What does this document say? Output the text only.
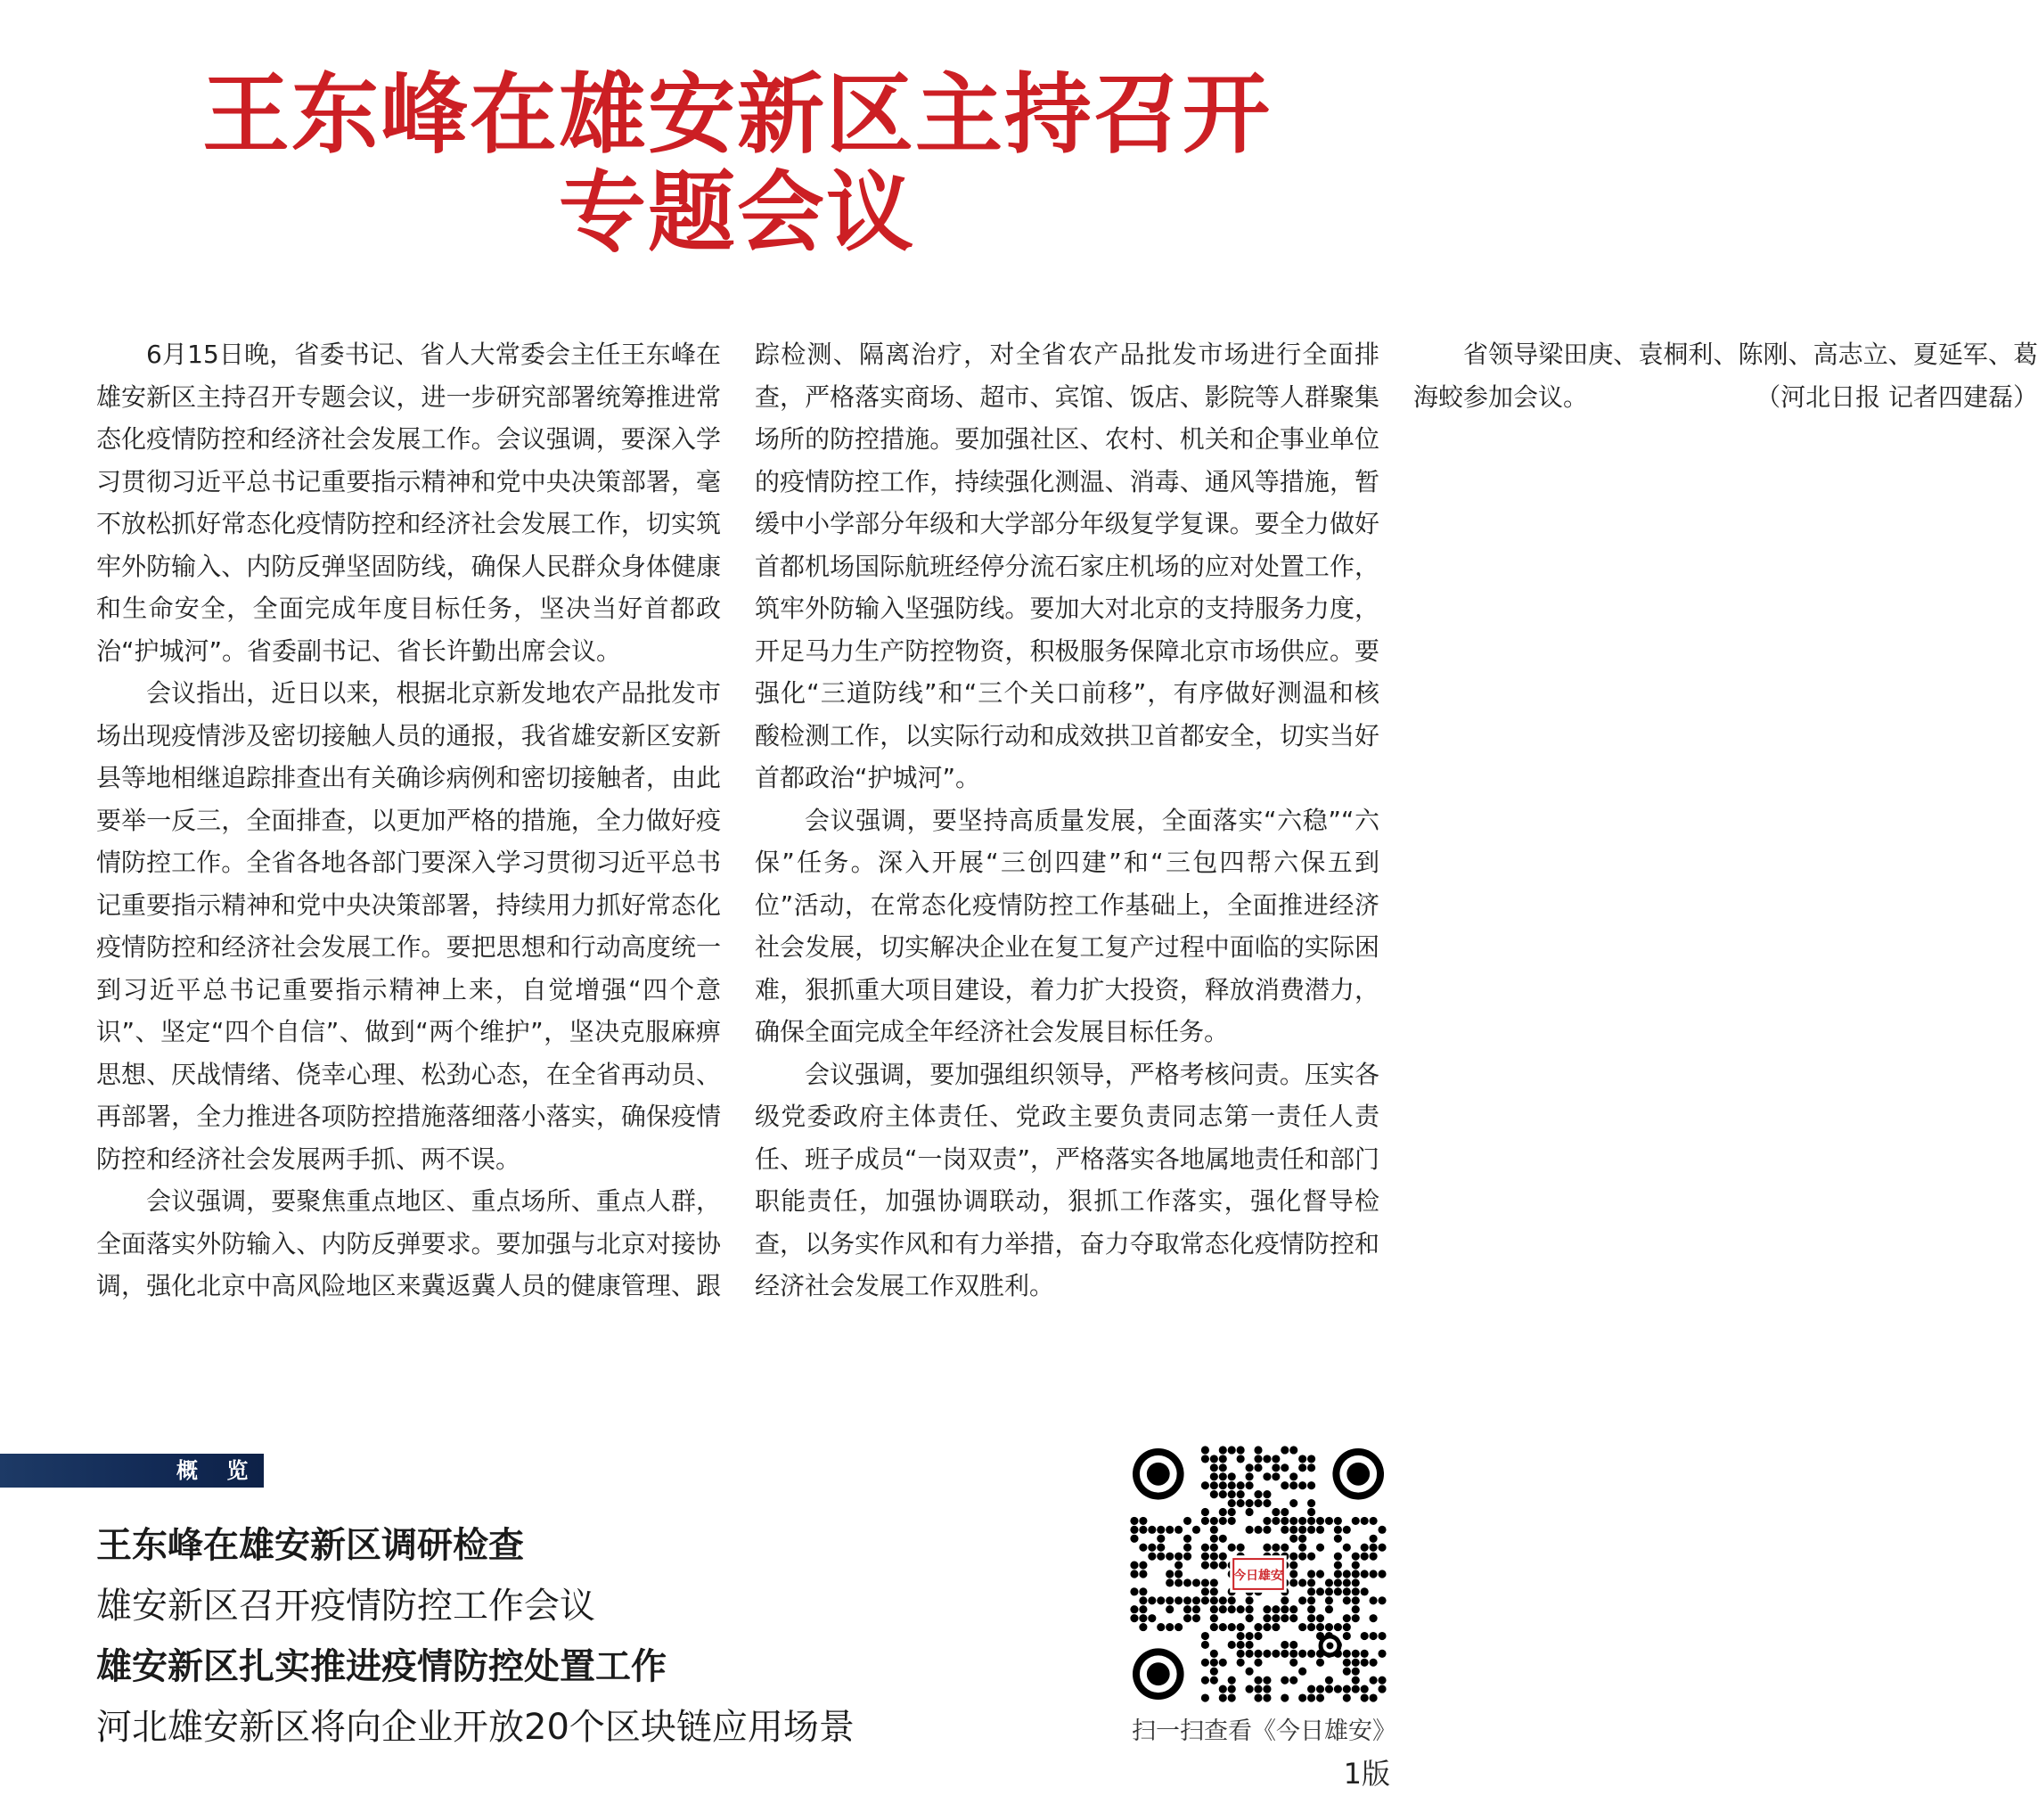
王东峰在雄安新区主持召开
专题会议

6月15日晚，省委书记、省人大常委会主任王东峰在雄安新区主持召开专题会议，进一步研究部署统筹推进常态化疫情防控和经济社会发展工作。会议强调，要深入学习贯彻习近平总书记重要指示精神和党中央决策部署，毫不放松抓好常态化疫情防控和经济社会发展工作，切实筑牢外防输入、内防反弹坚固防线，确保人民群众身体健康和生命安全，全面完成年度目标任务，坚决当好首都政治“护城河”。省委副书记、省长许勤出席会议。

会议指出，近日以来，根据北京新发地农产品批发市场出现疫情涉及密切接触人员的通报，我省雄安新区安新县等地相继追踪排查出有关确诊病例和密切接触者，由此要举一反三，全面排查，以更加严格的措施，全力做好疫情防控工作。全省各地各部门要深入学习贯彻习近平总书记重要指示精神和党中央决策部署，持续用力抓好常态化疫情防控和经济社会发展工作。要把思想和行动高度统一到习近平总书记重要指示精神上来，自觉增强“四个意识”、坚定“四个自信”、做到“两个维护”，坚决克服麻痹思想、厌战情绪、侥幸心理、松劲心态，在全省再动员、再部署，全力推进各项防控措施落细落小落实，确保疫情防控和经济社会发展两手抓、两不误。

会议强调，要聚焦重点地区、重点场所、重点人群，全面落实外防输入、内防反弹要求。要加强与北京对接协调，强化北京中高风险地区来冀返冀人员的健康管理、跟踪检测、隔离治疗，对全省农产品批发市场进行全面排查，严格落实商场、超市、宾馆、饭店、影院等人群聚集场所的防控措施。要加强社区、农村、机关和企事业单位的疫情防控工作，持续强化测温、消毒、通风等措施，暂缓中小学部分年级和大学部分年级复学复课。要全力做好首都机场国际航班经停分流石家庄机场的应对处置工作，筑牢外防输入坚强防线。要加大对北京的支持服务力度，开足马力生产防控物资，积极服务保障北京市场供应。要强化“三道防线”和“三个关口前移”，有序做好测温和核酸检测工作，以实际行动和成效拱卫首都安全，切实当好首都政治“护城河”。

会议强调，要坚持高质量发展，全面落实“六稳”“六保”任务。深入开展“三创四建”和“三包四帮六保五到位”活动，在常态化疫情防控工作基础上，全面推进经济社会发展，切实解决企业在复工复产过程中面临的实际困难，狠抓重大项目建设，着力扩大投资，释放消费潜力，确保全面完成全年经济社会发展目标任务。

会议强调，要加强组织领导，严格考核问责。压实各级党委政府主体责任、党政主要负责同志第一责任人责任、班子成员“一岗双责”，严格落实各地属地责任和部门职能责任，加强协调联动，狠抓工作落实，强化督导检查，以务实作风和有力举措，奋力夺取常态化疫情防控和经济社会发展工作双胜利。

省领导梁田庚、袁桐利、陈刚、高志立、夏延军、葛海蛟参加会议。	（河北日报 记者四建磊）

概 览
王东峰在雄安新区调研检查
雄安新区召开疫情防控工作会议
雄安新区扎实推进疫情防控处置工作
河北雄安新区将向企业开放20个区块链应用场景
今日雄安
扫一扫查看《今日雄安》
1版
